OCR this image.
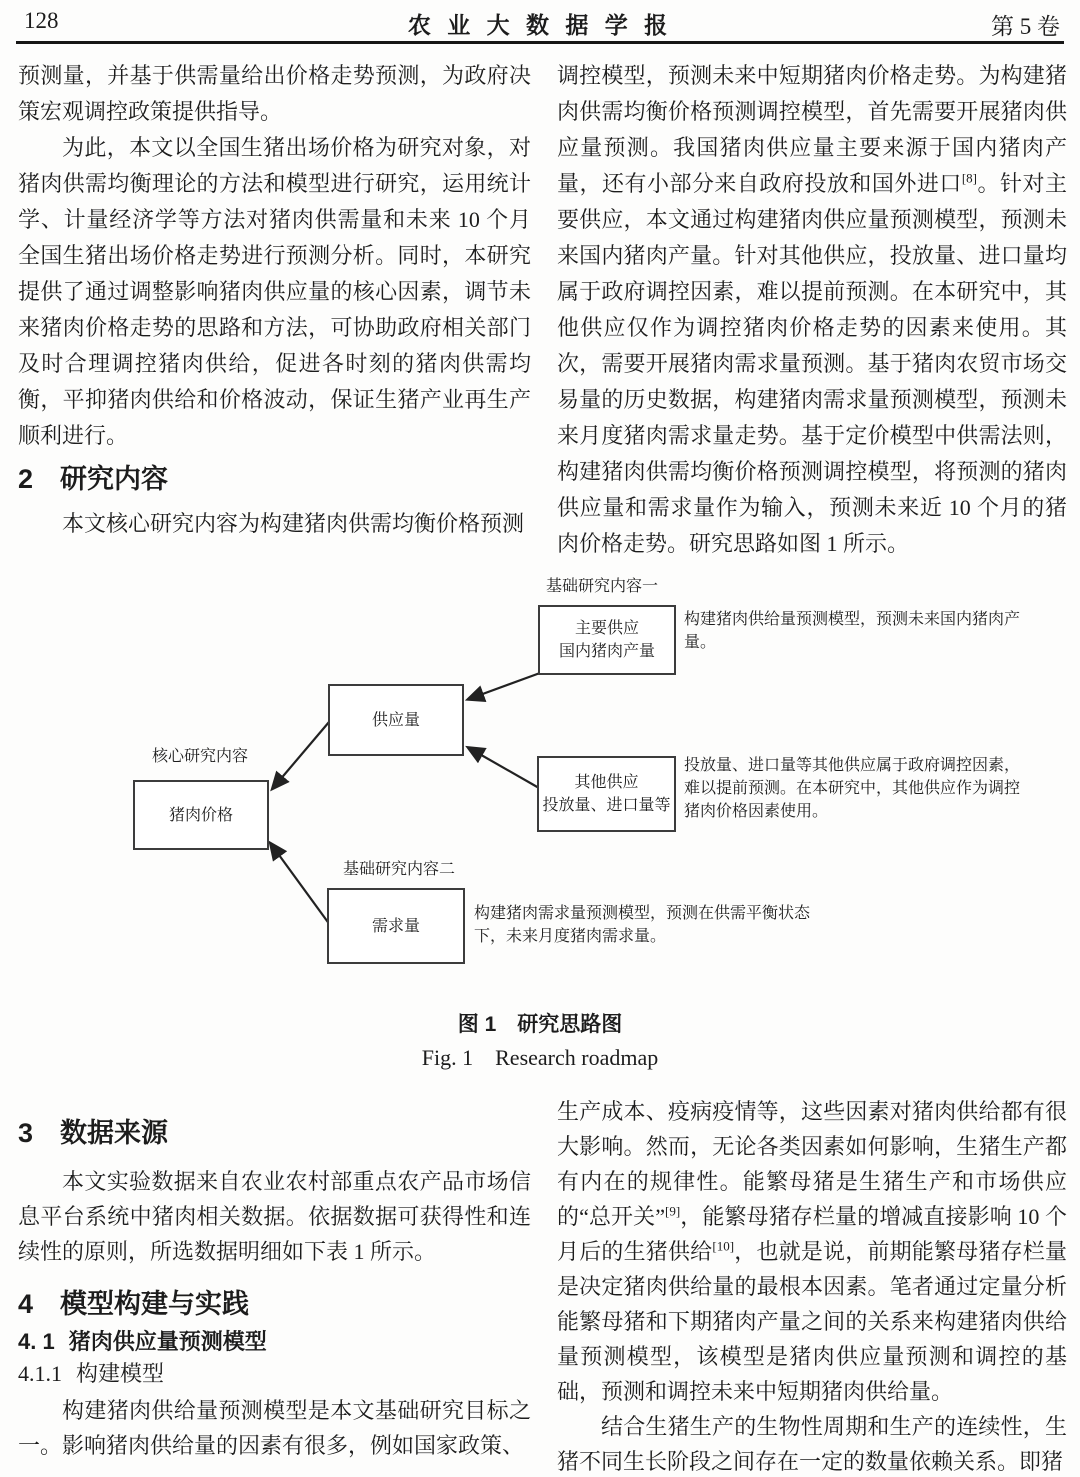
128	农 业 大 数 据 学 报	第 5 卷

预测量，并基于供需量给出价格走势预测，为政府决策宏观调控政策提供指导。

为此，本文以全国生猪出场价格为研究对象，对猪肉供需均衡理论的方法和模型进行研究，运用统计学、计量经济学等方法对猪肉供需量和未来 10 个月全国生猪出场价格走势进行预测分析。同时，本研究提供了通过调整影响猪肉供应量的核心因素，调节未来猪肉价格走势的思路和方法，可协助政府相关部门及时合理调控猪肉供给，促进各时刻的猪肉供需均衡，平抑猪肉供给和价格波动，保证生猪产业再生产顺利进行。

2 研究内容

本文核心研究内容为构建猪肉供需均衡价格预测

调控模型，预测未来中短期猪肉价格走势。为构建猪肉供需均衡价格预测调控模型，首先需要开展猪肉供应量预测。我国猪肉供应量主要来源于国内猪肉产量，还有小部分来自政府投放和国外进口[8]。针对主要供应，本文通过构建猪肉供应量预测模型，预测未来国内猪肉产量。针对其他供应，投放量、进口量均属于政府调控因素，难以提前预测。在本研究中，其他供应仅作为调控猪肉价格走势的因素来使用。其次，需要开展猪肉需求量预测。基于猪肉农贸市场交易量的历史数据，构建猪肉需求量预测模型，预测未来月度猪肉需求量走势。基于定价模型中供需法则，构建猪肉供需均衡价格预测调控模型，将预测的猪肉供应量和需求量作为输入，预测未来近 10 个月的猪肉价格走势。研究思路如图 1 所示。

基础研究内容一
核心研究内容
基础研究内容二
主要供应
国内猪肉产量
供应量
猪肉价格
其他供应
投放量、进口量等
需求量
构建猪肉供给量预测模型，预测未来国内猪肉产量。
投放量、进口量等其他供应属于政府调控因素，难以提前预测。在本研究中，其他供应作为调控猪肉价格因素使用。
构建猪肉需求量预测模型，预测在供需平衡状态下，未来月度猪肉需求量。
图 1　研究思路图
Fig. 1　Research roadmap
3 数据来源

本文实验数据来自农业农村部重点农产品市场信息平台系统中猪肉相关数据。依据数据可获得性和连续性的原则，所选数据明细如下表 1 所示。

4 模型构建与实践
4. 1 猪肉供应量预测模型
4.1.1 构建模型

构建猪肉供给量预测模型是本文基础研究目标之一。影响猪肉供给量的因素有很多，例如国家政策、

生产成本、疫病疫情等，这些因素对猪肉供给都有很大影响。然而，无论各类因素如何影响，生猪生产都有内在的规律性。能繁母猪是生猪生产和市场供应的“总开关”[9]，能繁母猪存栏量的增减直接影响 10 个月后的生猪供给[10]，也就是说，前期能繁母猪存栏量是决定猪肉供给量的最根本因素。笔者通过定量分析能繁母猪和下期猪肉产量之间的关系来构建猪肉供给量预测模型，该模型是猪肉供应量预测和调控的基础，预测和调控未来中短期猪肉供给量。

结合生猪生产的生物性周期和生产的连续性，生猪不同生长阶段之间存在一定的数量依赖关系。即猪
